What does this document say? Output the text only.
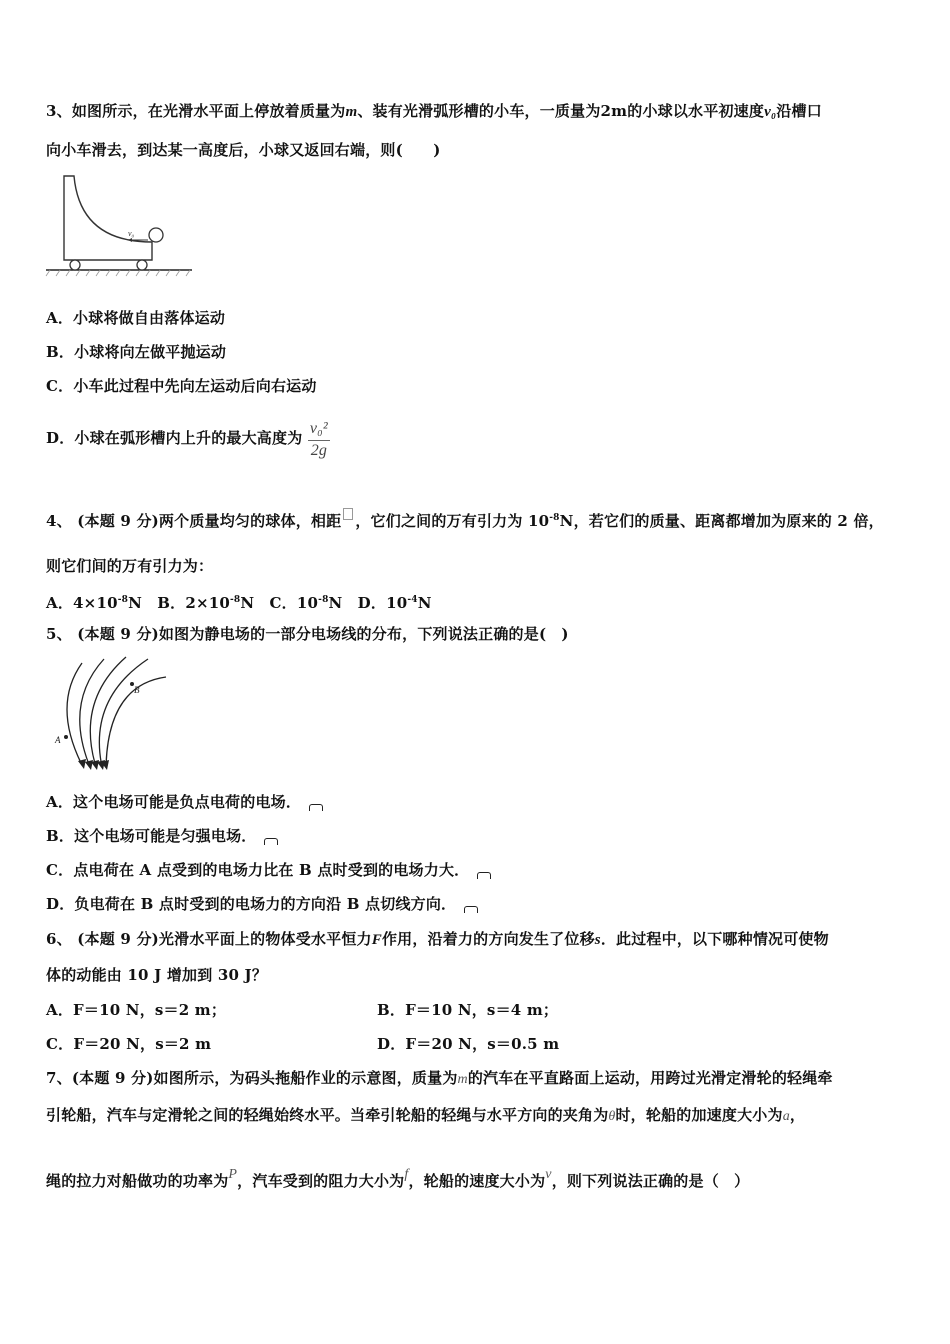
3、如图所示，在光滑水平面上停放着质量为m、装有光滑弧形槽的小车，一质量为2m的小球以水平初速度v₀沿槽口
向小车滑去，到达某一高度后，小球又返回右端，则(　　)
v₀
A．小球将做自由落体运动
B．小球将向左做平抛运动
C．小车此过程中先向左运动后向右运动
D．小球在弧形槽内上升的最大高度为 $\frac{\text{v₀²}}{2g}$
4、 (本题 9 分)两个质量均匀的球体，相距 ，它们之间的万有引力为 $10^{-8}N$，若它们的质量、距离都增加为原来的 2 倍，
则它们间的万有引力为：
A．$4\times 10^{-8}N$　B．$2\times 10^{-8}N$　C．$10^{-8}N$　D．$10^{-4}N$
5、 (本题 9 分)如图为静电场的一部分电场线的分布，下列说法正确的是(　)
A
B
A．这个电场可能是负点电荷的电场．
B．这个电场可能是匀强电场．
C．点电荷在 A 点受到的电场力比在 B 点时受到的电场力大．
D．负电荷在 B 点时受到的电场力的方向沿 B 点切线方向．
6、 (本题 9 分)光滑水平面上的物体受水平恒力F作用，沿着力的方向发生了位移s．此过程中，以下哪种情况可使物
体的动能由 10 J 增加到 30 J？
A．F＝10 N，s＝2 m；	B．F＝10 N，s＝4 m；
C．F＝20 N，s＝2 m	D．F＝20 N，s＝0.5 m
7、(本题 9 分)如图所示，为码头拖船作业的示意图，质量为m的汽车在平直路面上运动，用跨过光滑定滑轮的轻绳牵
引轮船，汽车与定滑轮之间的轻绳始终水平。当牵引轮船的轻绳与水平方向的夹角为θ时，轮船的加速度大小为a，
绳的拉力对船做功的功率为P，汽车受到的阻力大小为f，轮船的速度大小为v，则下列说法正确的是（　）
